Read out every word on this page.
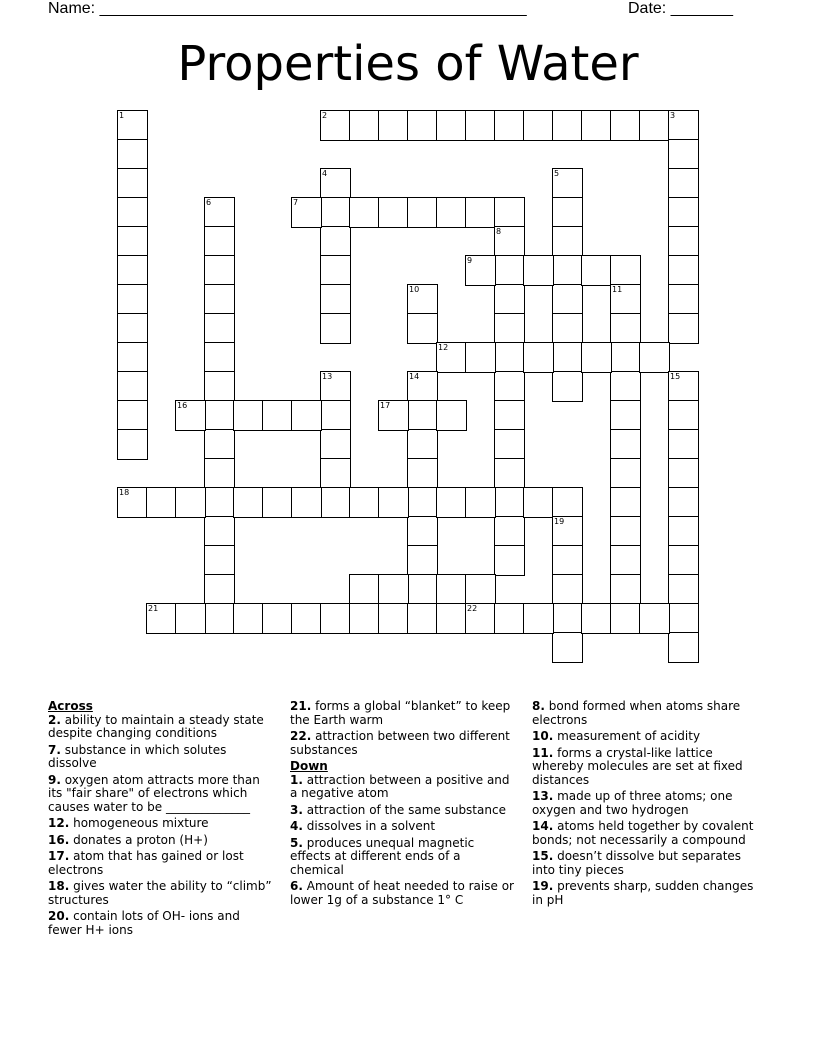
Name: ________________________________________________	Date: _______
Properties of Water
2
1	3
4	5
6	7
8
9
10	11
12
13	14	15
16	17
18
19
21	22
Across
2. ability to maintain a steady state despite changing conditions
7. substance in which solutes dissolve
9. oxygen atom attracts more than its "fair share" of electrons which causes water to be ______________
12. homogeneous mixture
16. donates a proton (H+)
17. atom that has gained or lost electrons
18. gives water the ability to “climb” structures
20. contain lots of OH- ions and fewer H+ ions
21. forms a global “blanket” to keep the Earth warm
22. attraction between two different substances
Down
1. attraction between a positive and a negative atom
3. attraction of the same substance
4. dissolves in a solvent
5. produces unequal magnetic effects at different ends of a chemical
6. Amount of heat needed to raise or lower 1g of a substance 1° C
8. bond formed when atoms share electrons
10. measurement of acidity
11. forms a crystal-like lattice whereby molecules are set at fixed distances
13. made up of three atoms; one oxygen and two hydrogen
14. atoms held together by covalent bonds; not necessarily a compound
15. doesn’t dissolve but separates into tiny pieces
19. prevents sharp, sudden changes in pH
